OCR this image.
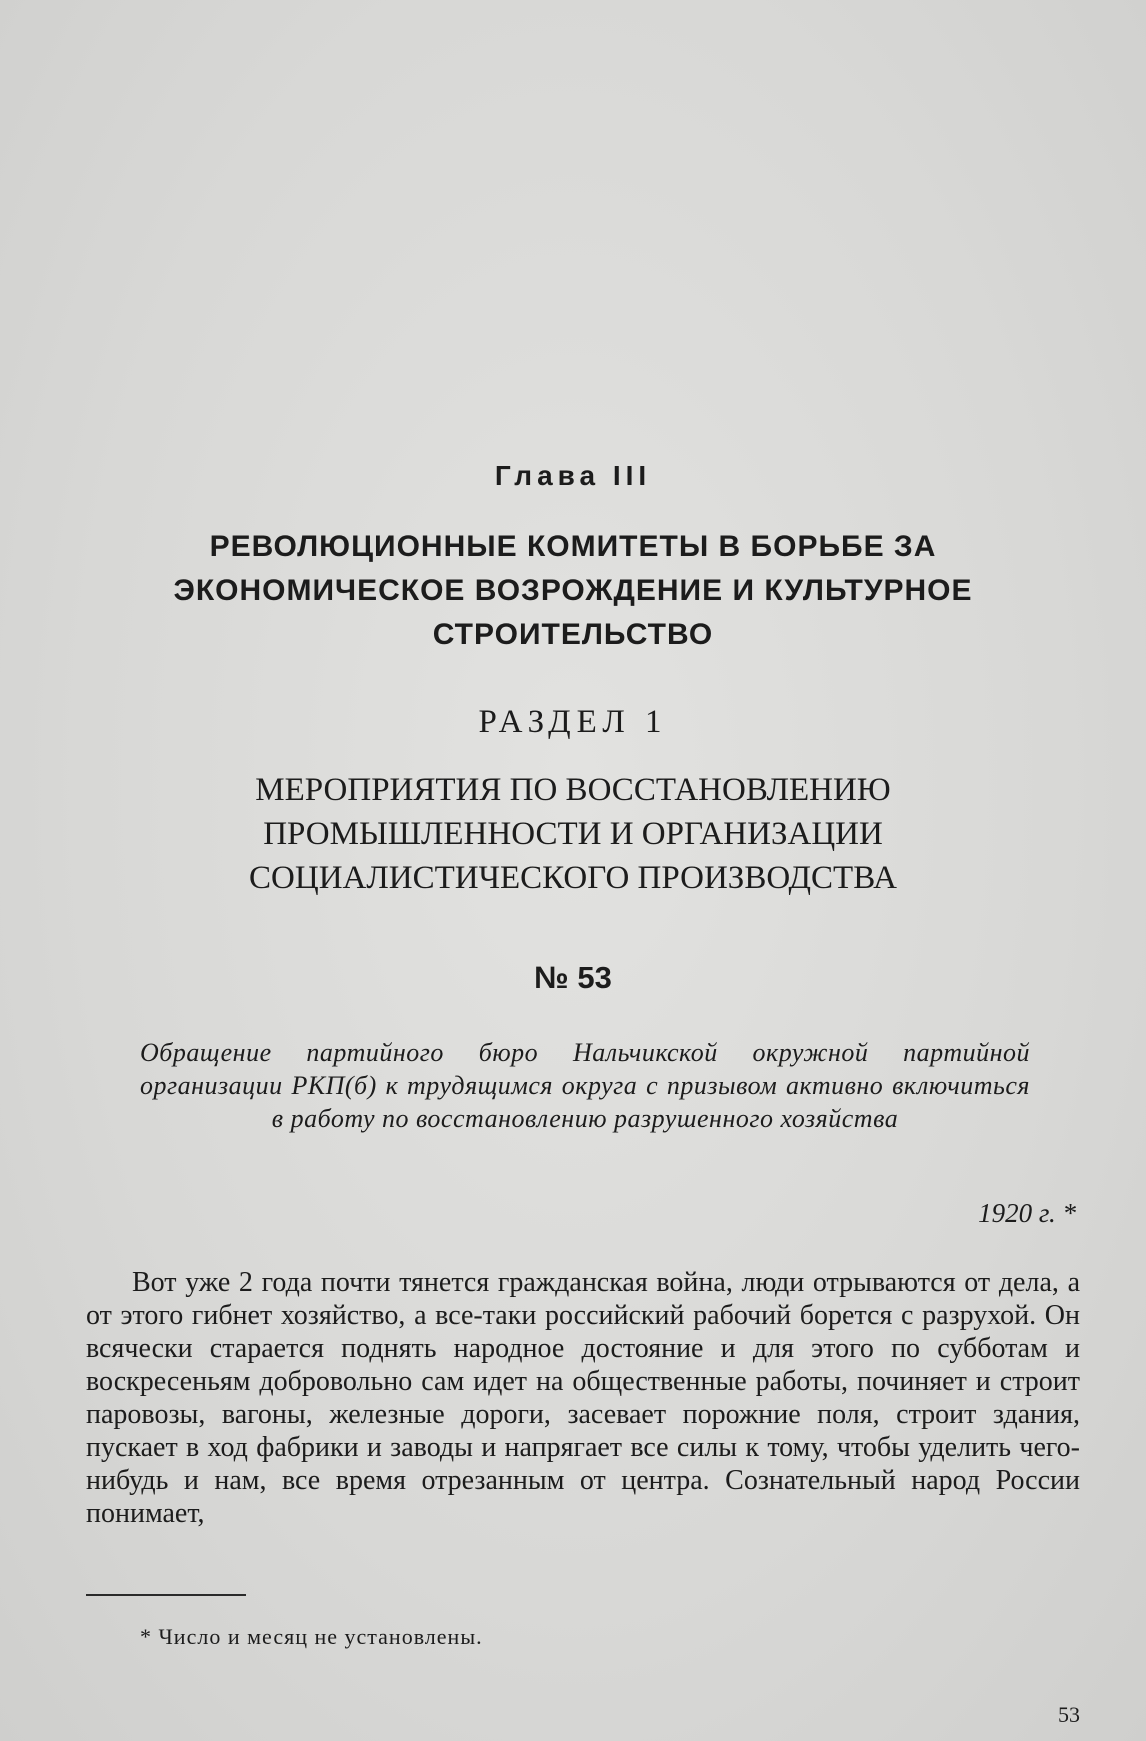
Глава III
РЕВОЛЮЦИОННЫЕ КОМИТЕТЫ В БОРЬБЕ ЗА
ЭКОНОМИЧЕСКОЕ ВОЗРОЖДЕНИЕ И КУЛЬТУРНОЕ
СТРОИТЕЛЬСТВО
РАЗДЕЛ 1
МЕРОПРИЯТИЯ ПО ВОССТАНОВЛЕНИЮ
ПРОМЫШЛЕННОСТИ И ОРГАНИЗАЦИИ
СОЦИАЛИСТИЧЕСКОГО ПРОИЗВОДСТВА
№ 53
Обращение партийного бюро Нальчикской окружной партийной организации РКП(б) к трудящимся округа с призывом активно включиться в работу по восстановлению разрушенного хозяйства
1920 г. *
Вот уже 2 года почти тянется гражданская война, люди отрываются от дела, а от этого гибнет хозяйство, а все-таки российский рабочий борется с разрухой. Он всячески старается поднять народное достояние и для этого по субботам и воскресеньям добровольно сам идет на общественные работы, починяет и строит паровозы, вагоны, железные дороги, засевает порожние поля, строит здания, пускает в ход фабрики и заводы и напрягает все силы к тому, чтобы уделить чего-нибудь и нам, все время отрезанным от центра. Сознательный народ России понимает,
* Число и месяц не установлены.
53
